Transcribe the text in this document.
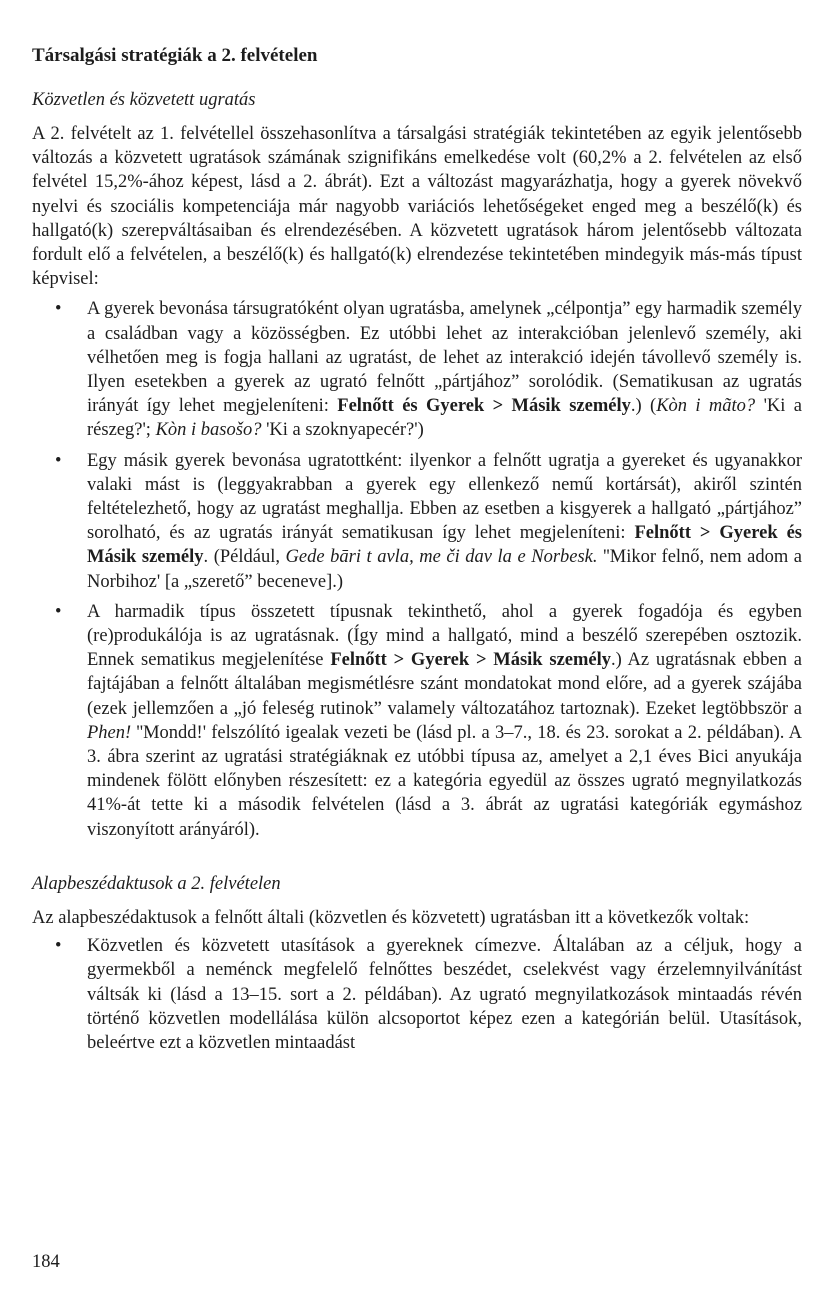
Társalgási stratégiák a 2. felvételen
Közvetlen és közvetett ugratás

A 2. felvételt az 1. felvétellel összehasonlítva a társalgási stratégiák tekintetében az egyik jelentősebb változás a közvetett ugratások számának szignifikáns emelkedése volt (60,2% a 2. felvételen az első felvétel 15,2%-ához képest, lásd a 2. ábrát). Ezt a változást magyarázhatja, hogy a gyerek növekvő nyelvi és szociális kompetenciája már nagyobb variációs lehetőségeket enged meg a beszélő(k) és hallgató(k) szerepváltásaiban és elrendezésében. A közvetett ugratások három jelentősebb változata fordult elő a felvételen, a beszélő(k) és hallgató(k) elrendezése tekintetében mindegyik más-más típust képvisel:

• A gyerek bevonása társugratóként olyan ugratásba, amelynek „célpontja” egy harmadik személy a családban vagy a közösségben. Ez utóbbi lehet az interakcióban jelenlevő személy, aki vélhetően meg is fogja hallani az ugratást, de lehet az interakció idején távollevő személy is. Ilyen esetekben a gyerek az ugrató felnőtt „pártjához” sorolódik. (Sematikusan az ugratás irányát így lehet megjeleníteni: Felnőtt és Gyerek > Másik személy.) (Kòn i mãto? 'Ki a részeg?'; Kòn i basošo? 'Ki a szoknyapecér?')
• Egy másik gyerek bevonása ugratottként: ilyenkor a felnőtt ugratja a gyereket és ugyanakkor valaki mást is (leggyakrabban a gyerek egy ellenkező nemű kortársát), akiről szintén feltételezhető, hogy az ugratást meghallja. Ebben az esetben a kisgyerek a hallgató „pártjához” sorolható, és az ugratás irányát sematikusan így lehet megjeleníteni: Felnőtt > Gyerek és Másik személy. (Például, Gede bāri t avla, me či dav la e Norbesk. ''Mikor felnő, nem adom a Norbihoz' [a „szerető” beceneve].)
• A harmadik típus összetett típusnak tekinthető, ahol a gyerek fogadója és egyben (re)produkálója is az ugratásnak. (Így mind a hallgató, mind a beszélő szerepében osztozik. Ennek sematikus megjelenítése Felnőtt > Gyerek > Másik személy.) Az ugratásnak ebben a fajtájában a felnőtt általában megismétlésre szánt mondatokat mond előre, ad a gyerek szájába (ezek jellemzően a „jó feleség rutinok” valamely változatához tartoznak). Ezeket legtöbbször a Phen! ''Mondd!' felszólító igealak vezeti be (lásd pl. a 3–7., 18. és 23. sorokat a 2. példában). A 3. ábra szerint az ugratási stratégiáknak ez utóbbi típusa az, amelyet a 2,1 éves Bici anyukája mindenek fölött előnyben részesített: ez a kategória egyedül az összes ugrató megnyilatkozás 41%-át tette ki a második felvételen (lásd a 3. ábrát az ugratási kategóriák egymáshoz viszonyított arányáról).
Alapbeszédaktusok a 2. felvételen

Az alapbeszédaktusok a felnőtt általi (közvetlen és közvetett) ugratásban itt a következők voltak:

• Közvetlen és közvetett utasítások a gyereknek címezve. Általában az a céljuk, hogy a gyermekből a neménck megfelelő felnőttes beszédet, cselekvést vagy érzelemnyilvánítást váltsák ki (lásd a 13–15. sort a 2. példában). Az ugrató megnyilatkozások mintaadás révén történő közvetlen modellálása külön alcsoportot képez ezen a kategórián belül. Utasítások, beleértve ezt a közvetlen mintaadást
184
